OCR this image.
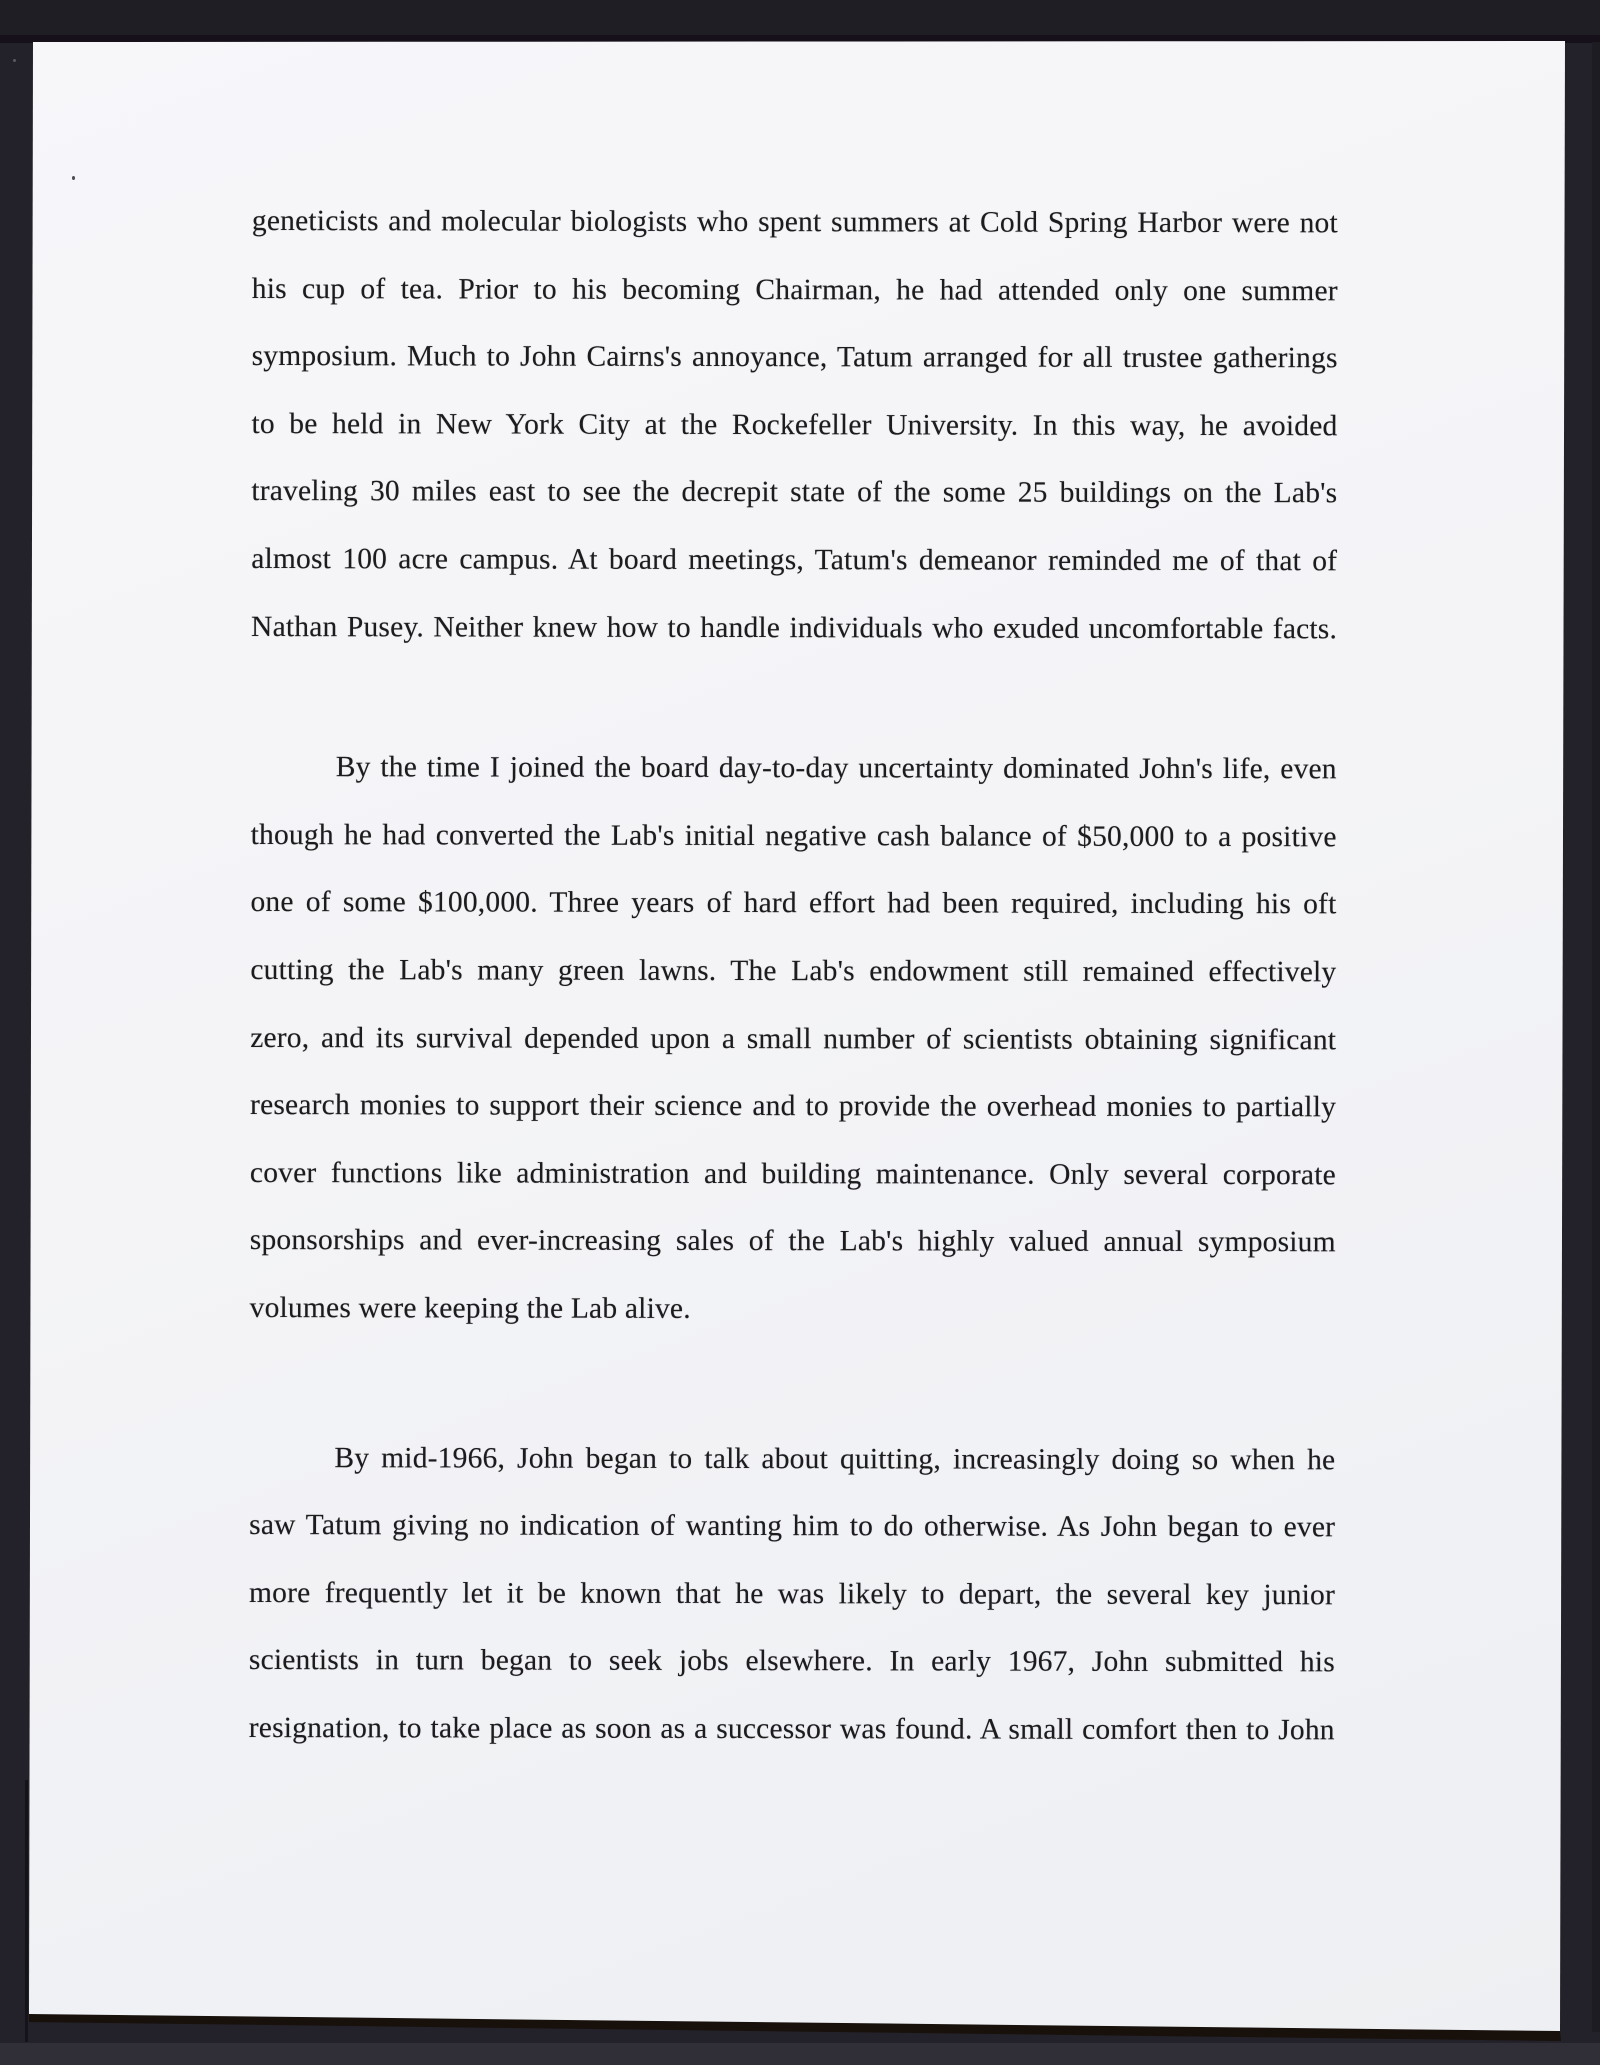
geneticists and molecular biologists who spent summers at Cold Spring Harbor were not
his cup of tea. Prior to his becoming Chairman, he had attended only one summer
symposium. Much to John Cairns's annoyance, Tatum arranged for all trustee gatherings
to be held in New York City at the Rockefeller University. In this way, he avoided
traveling 30 miles east to see the decrepit state of the some 25 buildings on the Lab's
almost 100 acre campus. At board meetings, Tatum's demeanor reminded me of that of
Nathan Pusey. Neither knew how to handle individuals who exuded uncomfortable facts.
By the time I joined the board day-to-day uncertainty dominated John's life, even
though he had converted the Lab's initial negative cash balance of $50,000 to a positive
one of some $100,000. Three years of hard effort had been required, including his oft
cutting the Lab's many green lawns. The Lab's endowment still remained effectively
zero, and its survival depended upon a small number of scientists obtaining significant
research monies to support their science and to provide the overhead monies to partially
cover functions like administration and building maintenance. Only several corporate
sponsorships and ever-increasing sales of the Lab's highly valued annual symposium
volumes were keeping the Lab alive.
By mid-1966, John began to talk about quitting, increasingly doing so when he
saw Tatum giving no indication of wanting him to do otherwise. As John began to ever
more frequently let it be known that he was likely to depart, the several key junior
scientists in turn began to seek jobs elsewhere. In early 1967, John submitted his
resignation, to take place as soon as a successor was found. A small comfort then to John
